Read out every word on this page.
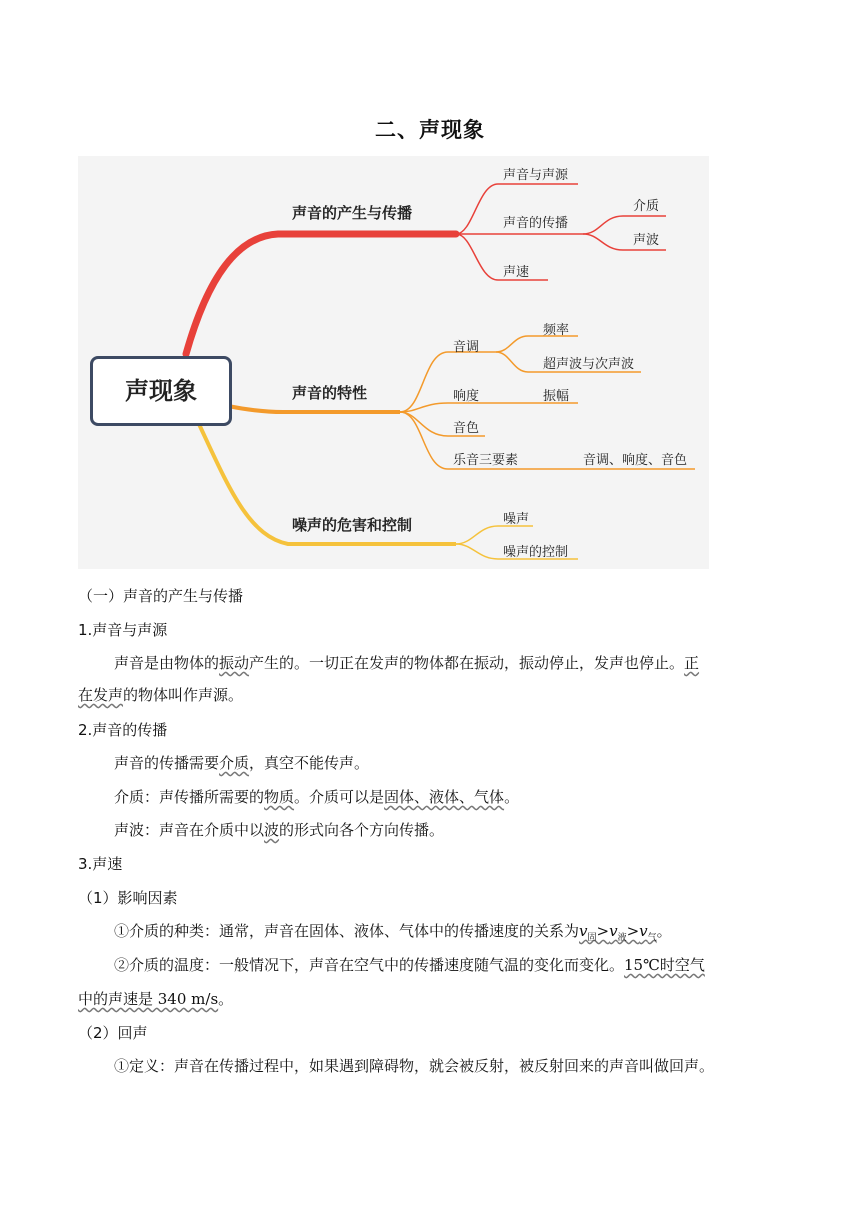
二、声现象
声现象
声音的产生与传播
声音与声源
声音的传播
声速
介质
声波
声音的特性
音调
频率
超声波与次声波
响度	振幅
音色
乐音三要素	音调、响度、音色
噪声的危害和控制	噪声
噪声的控制
（一）声音的产生与传播
1.声音与声源
声音是由物体的振动产生的。一切正在发声的物体都在振动，振动停止，发声也停止。正
在发声的物体叫作声源。
2.声音的传播
声音的传播需要介质，真空不能传声。
介质：声传播所需要的物质。介质可以是固体、液体、气体。
声波：声音在介质中以波的形式向各个方向传播。
3.声速
（1）影响因素
①介质的种类：通常，声音在固体、液体、气体中的传播速度的关系为$v_固>v_液>v_气$。
②介质的温度：一般情况下，声音在空气中的传播速度随气温的变化而变化。15℃时空气
中的声速是 340 m/s。
（2）回声
①定义：声音在传播过程中，如果遇到障碍物，就会被反射，被反射回来的声音叫做回声。
